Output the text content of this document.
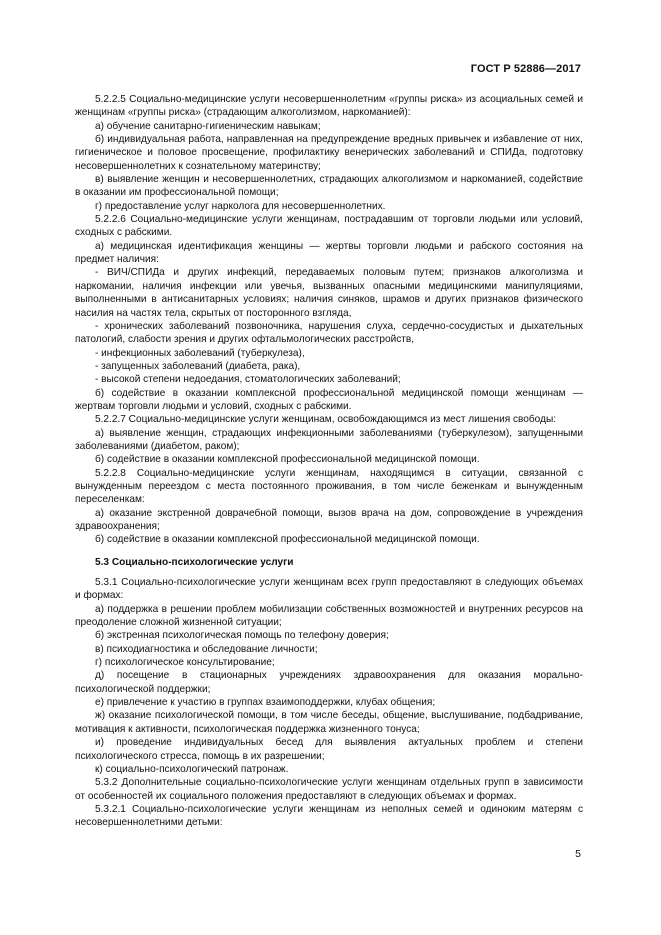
ГОСТ Р 52886—2017

5.2.2.5 Социально-медицинские услуги несовершеннолетним «группы риска» из асоциальных семей и женщинам «группы риска» (страдающим алкоголизмом, наркоманией):

а) обучение санитарно-гигиеническим навыкам;

б) индивидуальная работа, направленная на предупреждение вредных привычек и избавление от них, гигиеническое и половое просвещение, профилактику венерических заболеваний и СПИДа, подготовку несовершеннолетних к сознательному материнству;

в) выявление женщин и несовершеннолетних, страдающих алкоголизмом и наркоманией, содействие в оказании им профессиональной помощи;

г) предоставление услуг нарколога для несовершеннолетних.

5.2.2.6 Социально-медицинские услуги женщинам, пострадавшим от торговли людьми или условий, сходных с рабскими.

а) медицинская идентификация женщины — жертвы торговли людьми и рабского состояния на предмет наличия:

- ВИЧ/СПИДа и других инфекций, передаваемых половым путем; признаков алкоголизма и наркомании, наличия инфекции или увечья, вызванных опасными медицинскими манипуляциями, выполненными в антисанитарных условиях; наличия синяков, шрамов и других признаков физического насилия на частях тела, скрытых от посторонного взгляда,

- хронических заболеваний позвоночника, нарушения слуха, сердечно-сосудистых и дыхательных патологий, слабости зрения и других офтальмологических расстройств,

- инфекционных заболеваний (туберкулеза),

- запущенных заболеваний (диабета, рака),

- высокой степени недоедания, стоматологических заболеваний;

б) содействие в оказании комплексной профессиональной медицинской помощи женщинам — жертвам торговли людьми и условий, сходных с рабскими.

5.2.2.7 Социально-медицинские услуги женщинам, освобождающимся из мест лишения свободы:

а) выявление женщин, страдающих инфекционными заболеваниями (туберкулезом), запущенными заболеваниями (диабетом, раком);

б) содействие в оказании комплексной профессиональной медицинской помощи.

5.2.2.8 Социально-медицинские услуги женщинам, находящимся в ситуации, связанной с вынужденным переездом с места постоянного проживания, в том числе беженкам и вынужденным переселенкам:

а) оказание экстренной доврачебной помощи, вызов врача на дом, сопровождение в учреждения здравоохранения;

б) содействие в оказании комплексной профессиональной медицинской помощи.

5.3 Социально-психологические услуги

5.3.1 Социально-психологические услуги женщинам всех групп предоставляют в следующих объемах и формах:

а) поддержка в решении проблем мобилизации собственных возможностей и внутренних ресурсов на преодоление сложной жизненной ситуации;

б) экстренная психологическая помощь по телефону доверия;

в) психодиагностика и обследование личности;

г) психологическое консультирование;

д) посещение в стационарных учреждениях здравоохранения для оказания морально-психологической поддержки;

е) привлечение к участию в группах взаимоподдержки, клубах общения;

ж) оказание психологической помощи, в том числе беседы, общение, выслушивание, подбадривание, мотивация к активности, психологическая поддержка жизненного тонуса;

и) проведение индивидуальных бесед для выявления актуальных проблем и степени психологического стресса, помощь в их разрешении;

к) социально-психологический патронаж.

5.3.2 Дополнительные социально-психологические услуги женщинам отдельных групп в зависимости от особенностей их социального положения предоставляют в следующих объемах и формах.

5.3.2.1 Социально-психологические услуги женщинам из неполных семей и одиноким матерям с несовершеннолетними детьми:

5
